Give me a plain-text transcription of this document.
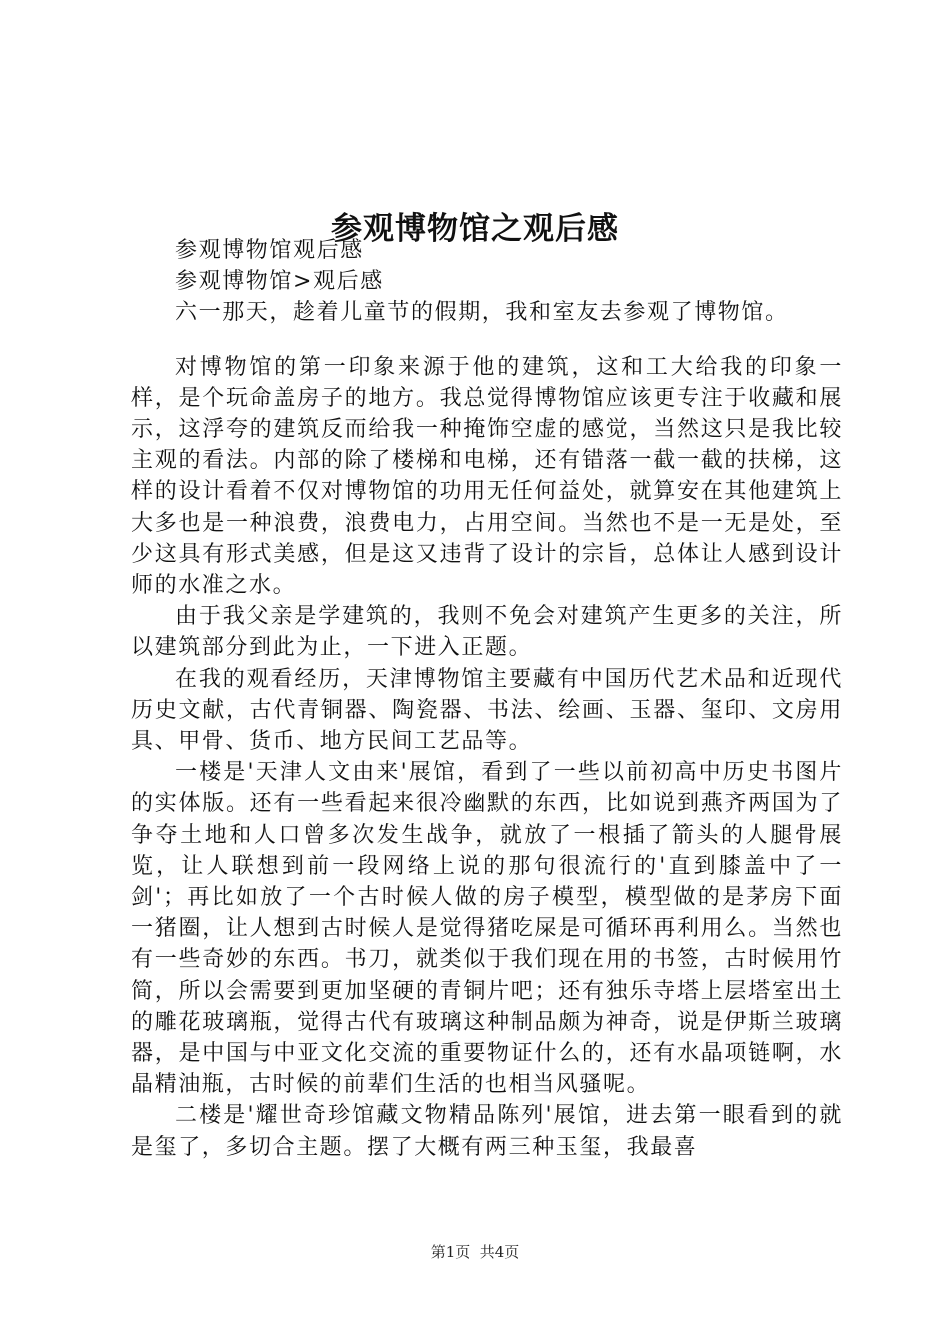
参观博物馆之观后感

参观博物馆观后感

参观博物馆>观后感

六一那天，趁着儿童节的假期，我和室友去参观了博物馆。

对博物馆的第一印象来源于他的建筑，这和工大给我的印象一样，是个玩命盖房子的地方。我总觉得博物馆应该更专注于收藏和展示，这浮夸的建筑反而给我一种掩饰空虚的感觉，当然这只是我比较主观的看法。内部的除了楼梯和电梯，还有错落一截一截的扶梯，这样的设计看着不仅对博物馆的功用无任何益处，就算安在其他建筑上大多也是一种浪费，浪费电力，占用空间。当然也不是一无是处，至少这具有形式美感，但是这又违背了设计的宗旨，总体让人感到设计师的水准之水。

由于我父亲是学建筑的，我则不免会对建筑产生更多的关注，所以建筑部分到此为止，一下进入正题。

在我的观看经历，天津博物馆主要藏有中国历代艺术品和近现代历史文献，古代青铜器、陶瓷器、书法、绘画、玉器、玺印、文房用具、甲骨、货币、地方民间工艺品等。

一楼是'天津人文由来'展馆，看到了一些以前初高中历史书图片的实体版。还有一些看起来很冷幽默的东西，比如说到燕齐两国为了争夺土地和人口曾多次发生战争，就放了一根插了箭头的人腿骨展览，让人联想到前一段网络上说的那句很流行的'直到膝盖中了一剑'；再比如放了一个古时候人做的房子模型，模型做的是茅房下面一猪圈，让人想到古时候人是觉得猪吃屎是可循环再利用么。当然也有一些奇妙的东西。书刀，就类似于我们现在用的书签，古时候用竹简，所以会需要到更加坚硬的青铜片吧；还有独乐寺塔上层塔室出土的雕花玻璃瓶，觉得古代有玻璃这种制品颇为神奇，说是伊斯兰玻璃器，是中国与中亚文化交流的重要物证什么的，还有水晶项链啊，水晶精油瓶，古时候的前辈们生活的也相当风骚呢。

二楼是'耀世奇珍馆藏文物精品陈列'展馆，进去第一眼看到的就是玺了，多切合主题。摆了大概有两三种玉玺，我最喜

第1页  共4页
